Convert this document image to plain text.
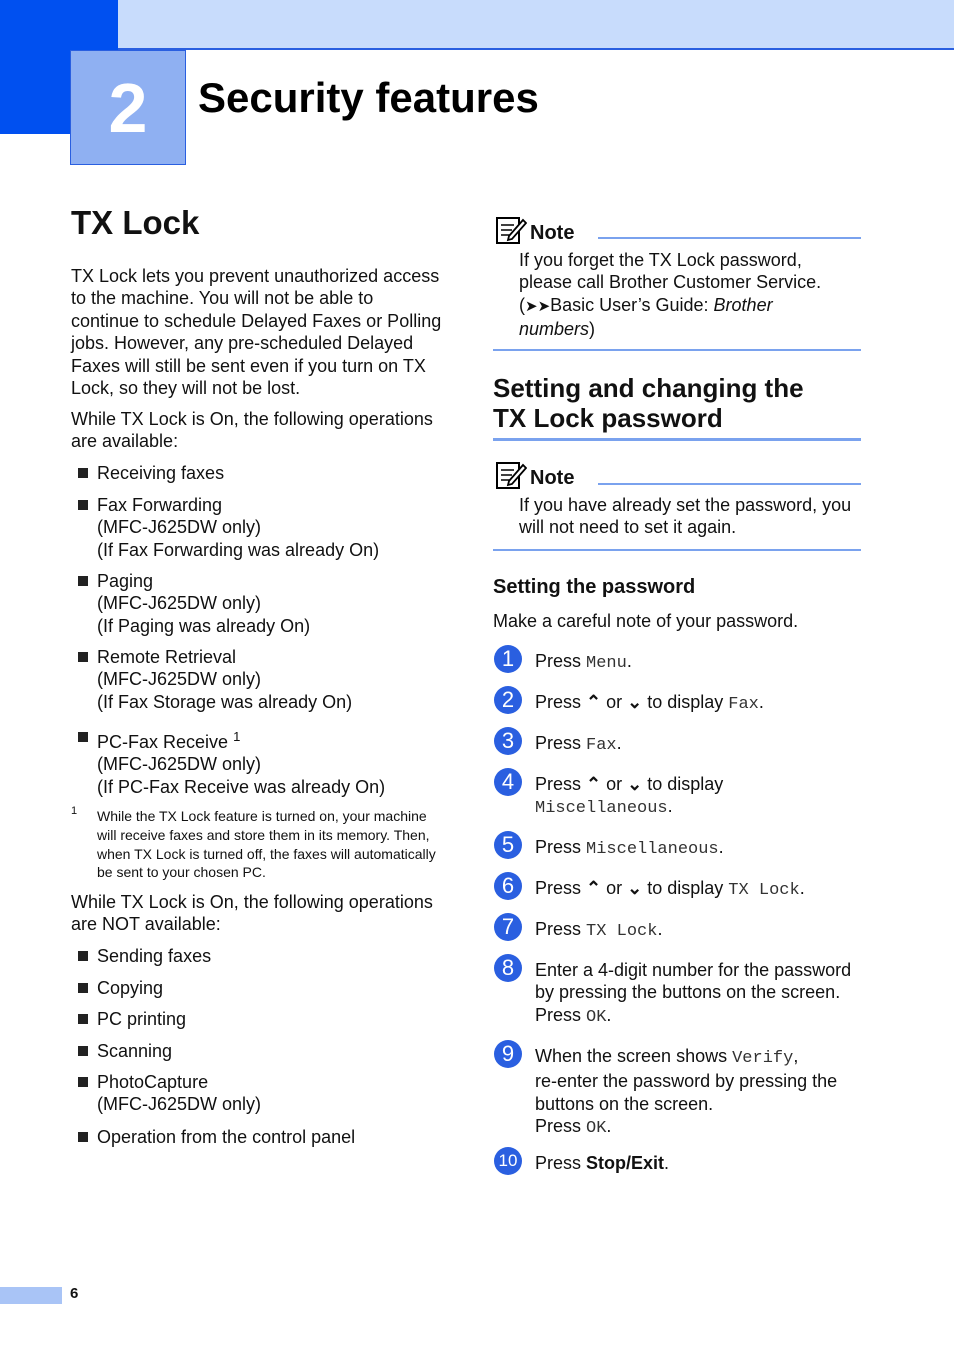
2	Security features
TX Lock
TX Lock lets you prevent unauthorized access to the machine. You will not be able to continue to schedule Delayed Faxes or Polling jobs. However, any pre-scheduled Delayed Faxes will still be sent even if you turn on TX Lock, so they will not be lost.
While TX Lock is On, the following operations are available:
Receiving faxes
Fax Forwarding
(MFC-J625DW only)
(If Fax Forwarding was already On)
Paging
(MFC-J625DW only)
(If Paging was already On)
Remote Retrieval
(MFC-J625DW only)
(If Fax Storage was already On)
PC-Fax Receive $^1$
(MFC-J625DW only)
(If PC-Fax Receive was already On)
1 While the TX Lock feature is turned on, your machine will receive faxes and store them in its memory. Then, when TX Lock is turned off, the faxes will automatically be sent to your chosen PC.
While TX Lock is On, the following operations are NOT available:
Sending faxes
Copying
PC printing
Scanning
PhotoCapture
(MFC-J625DW only)
Operation from the control panel
Note
If you forget the TX Lock password,
please call Brother Customer Service.
(➤➤Basic User’s Guide: Brother
numbers)
Setting and changing the
TX Lock password
Note
If you have already set the password, you
will not need to set it again.
Setting the password
Make a careful note of your password.
1	Press Menu.
2	Press ⌃ or ⌄ to display Fax.
3	Press Fax.
4	Press ⌃ or ⌄ to display
Miscellaneous.
5	Press Miscellaneous.
6	Press ⌃ or ⌄ to display TX Lock.
7	Press TX Lock.
8	Enter a 4-digit number for the password
by pressing the buttons on the screen.
Press OK.
9	When the screen shows Verify,
re-enter the password by pressing the
buttons on the screen.
Press OK.
10 Press Stop/Exit.
6
